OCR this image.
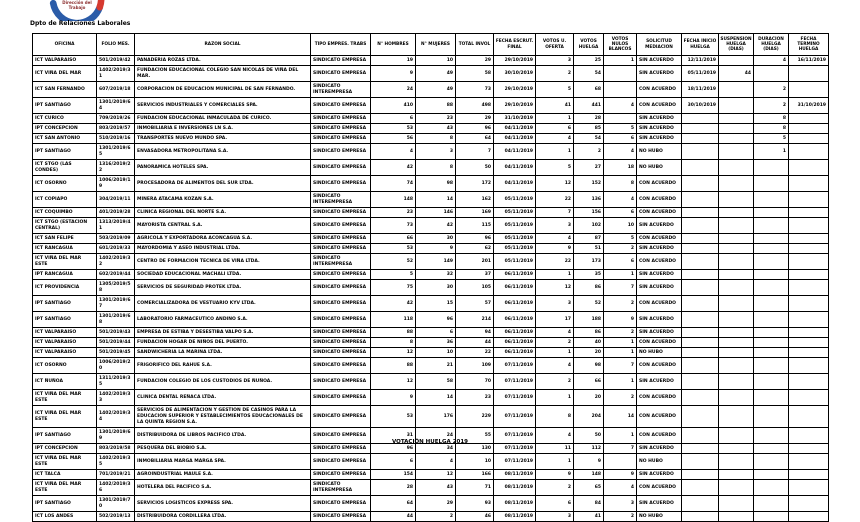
Dirección del
Trabajo
Dpto de Relaciones Laborales
OFICINA	FOLIO MES.	RAZON SOCIAL	TIPO EMPRES. TRABS	N° HOMBRES	N° MUJERES	TOTAL INVOL	FECHA ESCRUT. FINAL	VOTOS U. OFERTA	VOTOS HUELGA	VOTOS NULOS BLANCOS	SOLICITUD MEDIACION	FECHA INICIO HUELGA	SUSPENSION HUELGA (DIAS)	DURACION HUELGA (DIAS)	FECHA TERMINO HUELGA
ICT VALPARAISO	501/2019/42	PANADERIA ROZAS LTDA.	SINDICATO EMPRESA	19	10	29	29/10/2019	3	25	1	SIN ACUERDO	12/11/2019		4	16/11/2019
ICT VIÑA DEL MAR	1402/2019/31	FUNDACION EDUCACIONAL COLEGIO SAN NICOLAS DE VIÑA DEL MAR.	SINDICATO EMPRESA	9	49	58	30/10/2019	2	54		SIN ACUERDO	05/11/2019	44		
ICT SAN FERNANDO	607/2019/18	CORPORACION DE EDUCACION MUNICIPAL DE SAN FERNANDO.	SINDICATO INTEREMPRESA	24	49	73	29/10/2019	5	68		CON ACUERDO	18/11/2019		2	
IPT SANTIAGO	1301/2019/64	SERVICIOS INDUSTRIALES Y COMERCIALES SPA.	SINDICATO EMPRESA	410	88	498	29/10/2019	41	441	4	CON ACUERDO	30/10/2019		2	31/10/2019
ICT CURICO	709/2019/26	FUNDACION EDUCACIONAL INMACULADA DE CURICO.	SINDICATO EMPRESA	6	23	29	31/10/2019	1	28		SIN ACUERDO			8	
IPT CONCEPCION	803/2019/57	INMOBILIARIA E INVERSIONES LN S.A.	SINDICATO EMPRESA	53	43	96	04/11/2019	6	85	5	SIN ACUERDO			8	
ICT SAN ANTONIO	510/2019/16	TRANSPORTES NUEVO MUNDO SPA.	SINDICATO EMPRESA	56	8	64	04/11/2019	4	54	6	SIN ACUERDO			5	
IPT SANTIAGO	1301/2019/65	ENVASADORA METROPOLITANA S.A.	SINDICATO EMPRESA	4	3	7	04/11/2019	1	2	4	NO HUBO			1	
ICT STGO (LAS CONDES)	1316/2019/22	PANORAMICA HOTELES SPA.	SINDICATO EMPRESA	42	8	50	04/11/2019	5	27	18	NO HUBO				
ICT OSORNO	1006/2019/19	PROCESADORA DE ALIMENTOS DEL SUR LTDA.	SINDICATO EMPRESA	74	98	172	04/11/2019	12	152	8	CON ACUERDO				
ICT COPIAPO	304/2019/11	MINERA ATACAMA KOZAN S.A.	SINDICATO INTEREMPRESA	148	14	162	05/11/2019	22	136	4	CON ACUERDO				
ICT COQUIMBO	401/2019/28	CLINICA REGIONAL DEL NORTE S.A.	SINDICATO EMPRESA	23	146	169	05/11/2019	7	156	6	CON ACUERDO				
ICT STGO (ESTACION CENTRAL)	1313/2019/41	MAYORISTA CENTRAL S.A.	SINDICATO EMPRESA	73	42	115	05/11/2019	3	102	10	SIN ACUERDO				
ICT SAN FELIPE	503/2019/09	AGRICOLA Y EXPORTADORA ACONCAGUA S.A.	SINDICATO EMPRESA	66	30	96	05/11/2019	4	87	5	CON ACUERDO				
ICT RANCAGUA	601/2019/33	MAYORDOMIA Y ASEO INDUSTRIAL LTDA.	SINDICATO EMPRESA	53	9	62	05/11/2019	9	51	2	SIN ACUERDO				
ICT VIÑA DEL MAR ESTE	1402/2019/32	CENTRO DE FORMACION TECNICA DE VIÑA LTDA.	SINDICATO INTEREMPRESA	52	149	201	05/11/2019	22	173	6	CON ACUERDO				
IPT RANCAGUA	602/2019/44	SOCIEDAD EDUCACIONAL MACHALI LTDA.	SINDICATO EMPRESA	5	32	37	06/11/2019	1	35	1	SIN ACUERDO				
ICT PROVIDENCIA	1305/2019/58	SERVICIOS DE SEGURIDAD PROTEK LTDA.	SINDICATO EMPRESA	75	30	105	06/11/2019	12	86	7	SIN ACUERDO				
IPT SANTIAGO	1301/2019/67	COMERCIALIZADORA DE VESTUARIO KYV LTDA.	SINDICATO EMPRESA	42	15	57	06/11/2019	3	52	2	CON ACUERDO				
IPT SANTIAGO	1301/2019/68	LABORATORIO FARMACEUTICO ANDINO S.A.	SINDICATO EMPRESA	118	96	214	06/11/2019	17	188	9	SIN ACUERDO				
ICT VALPARAISO	501/2019/43	EMPRESA DE ESTIBA Y DESESTIBA VALPO S.A.	SINDICATO EMPRESA	88	6	94	06/11/2019	4	86	2	SIN ACUERDO				
ICT VALPARAISO	501/2019/44	FUNDACION HOGAR DE NIÑOS DEL PUERTO.	SINDICATO EMPRESA	8	36	44	06/11/2019	2	40	1	CON ACUERDO				
ICT VALPARAISO	501/2019/45	SANDWICHERIA LA MARINA LTDA.	SINDICATO EMPRESA	12	10	22	06/11/2019	1	20	1	NO HUBO				
ICT OSORNO	1006/2019/20	FRIGORIFICO DEL RAHUE S.A.	SINDICATO EMPRESA	88	21	109	07/11/2019	4	98	7	CON ACUERDO				
ICT ÑUÑOA	1311/2019/35	FUNDACION COLEGIO DE LOS CUSTODIOS DE ÑUÑOA.	SINDICATO EMPRESA	12	58	70	07/11/2019	2	66	1	SIN ACUERDO				
ICT VIÑA DEL MAR ESTE	1402/2019/33	CLINICA DENTAL REÑACA LTDA.	SINDICATO EMPRESA	9	14	23	07/11/2019	1	20	2	CON ACUERDO				
ICT VIÑA DEL MAR ESTE	1402/2019/34	SERVICIOS DE ALIMENTACION Y GESTION DE CASINOS PARA LA EDUCACION SUPERIOR Y ESTABLECIMIENTOS EDUCACIONALES DE LA QUINTA REGION S.A.	SINDICATO EMPRESA	53	176	229	07/11/2019	8	204	14	CON ACUERDO				
IPT SANTIAGO	1301/2019/69	DISTRIBUIDORA DE LIBROS PACIFICO LTDA.	SINDICATO EMPRESA	31	24	55	07/11/2019	4	50	1	CON ACUERDO				
IPT CONCEPCION	803/2019/58	PESQUERA DEL BIOBIO S.A.	SINDICATO EMPRESA	96	34	130	07/11/2019	11	112	7	SIN ACUERDO				
ICT VIÑA DEL MAR ESTE	1402/2019/35	INMOBILIARIA MARGA MARGA SPA.	SINDICATO EMPRESA	6	4	10	07/11/2019	1	9		NO HUBO				
ICT TALCA	701/2019/21	AGROINDUSTRIAL MAULE S.A.	SINDICATO EMPRESA	154	12	166	08/11/2019	9	148	9	SIN ACUERDO				
ICT VIÑA DEL MAR ESTE	1402/2019/36	HOTELERA DEL PACIFICO S.A.	SINDICATO INTEREMPRESA	28	43	71	08/11/2019	2	65	4	CON ACUERDO				
IPT SANTIAGO	1301/2019/70	SERVICIOS LOGISTICOS EXPRESS SPA.	SINDICATO EMPRESA	64	29	93	08/11/2019	6	84	3	SIN ACUERDO				
ICT LOS ANDES	502/2019/13	DISTRIBUIDORA CORDILLERA LTDA.	SINDICATO EMPRESA	44	2	46	08/11/2019	3	41	2	NO HUBO				
VOTACIÓN HUELGA 2019
